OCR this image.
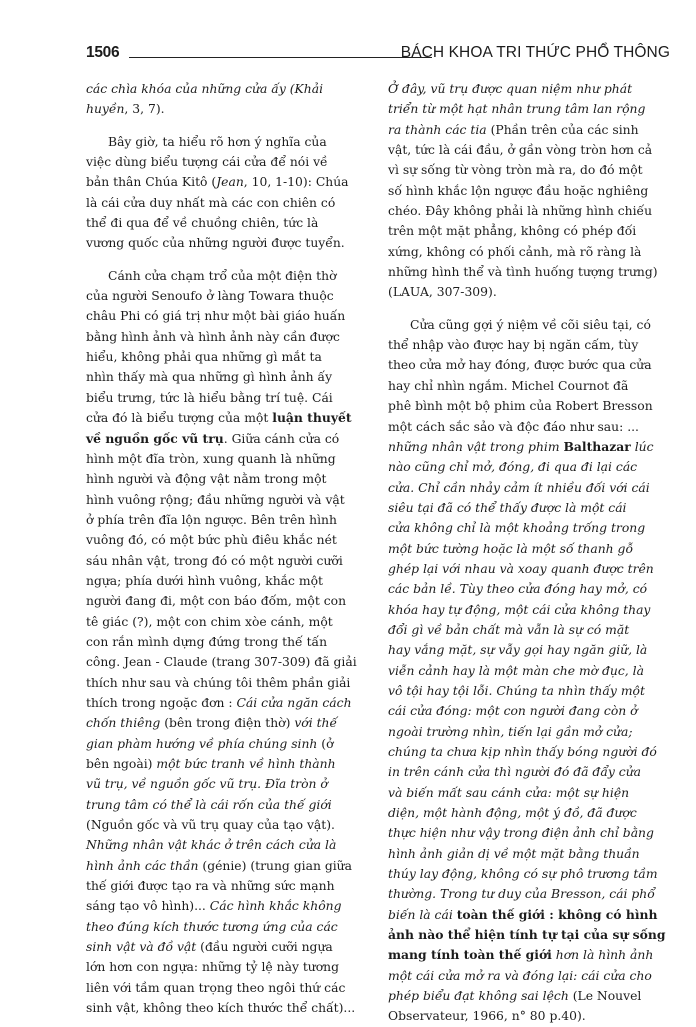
1506	BÁCH KHOA TRI THỨC PHỔ THÔNG
các chìa khóa của những cửa ấy (Khải
huyền, 3, 7).
Bây giờ, ta hiểu rõ hơn ý nghĩa của
việc dùng biểu tượng cái cửa để nói về
bản thân Chúa Kitô (Jean, 10, 1-10): Chúa
là cái cửa duy nhất mà các con chiên có
thể đi qua để về chuồng chiên, tức là
vương quốc của những người được tuyển.
Cánh cửa chạm trổ của một điện thờ
của người Senoufo ở làng Towara thuộc
châu Phi có giá trị như một bài giáo huấn
bằng hình ảnh và hình ảnh này cần được
hiểu, không phải qua những gì mắt ta
nhìn thấy mà qua những gì hình ảnh ấy
biểu trưng, tức là hiểu bằng trí tuệ. Cái
cửa đó là biểu tượng của một luận thuyết
về nguồn gốc vũ trụ. Giữa cánh cửa có
hình một đĩa tròn, xung quanh là những
hình người và động vật nằm trong một
hình vuông rộng; đầu những người và vật
ở phía trên đĩa lộn ngược. Bên trên hình
vuông đó, có một bức phù điêu khắc nét
sáu nhân vật, trong đó có một người cưỡi
ngựa; phía dưới hình vuông, khắc một
người đang đi, một con báo đốm, một con
tê giác (?), một con chim xòe cánh, một
con rắn mình dựng đứng trong thế tấn
công. Jean - Claude (trang 307-309) đã giải
thích như sau và chúng tôi thêm phần giải
thích trong ngoặc đơn : Cái cửa ngăn cách
chốn thiêng (bên trong điện thờ) với thế
gian phàm hướng về phía chúng sinh (ở
bên ngoài) một bức tranh về hình thành
vũ trụ, về nguồn gốc vũ trụ. Đĩa tròn ở
trung tâm có thể là cái rốn của thế giới
(Nguồn gốc và vũ trụ quay của tạo vật).
Những nhân vật khác ở trên cách cửa là
hình ảnh các thần (génie) (trung gian giữa
thế giới được tạo ra và những sức mạnh
sáng tạo vô hình)... Các hình khắc không
theo đúng kích thước tương ứng của các
sinh vật và đồ vật (đầu người cưỡi ngựa
lớn hơn con ngựa: những tỷ lệ này tương
liên với tầm quan trọng theo ngôi thứ các
sinh vật, không theo kích thước thể chất)...
Ở đây, vũ trụ được quan niệm như phát
triển từ một hạt nhân trung tâm lan rộng
ra thành các tia (Phần trên của các sinh
vật, tức là cái đầu, ở gần vòng tròn hơn cả
vì sự sống từ vòng tròn mà ra, do đó một
số hình khắc lộn ngược đầu hoặc nghiêng
chéo. Đây không phải là những hình chiếu
trên một mặt phẳng, không có phép đối
xứng, không có phối cảnh, mà rõ ràng là
những hình thể và tình huống tượng trưng)
(LAUA, 307-309).
Cửa cũng gợi ý niệm về cõi siêu tại, có
thể nhập vào được hay bị ngăn cấm, tùy
theo cửa mở hay đóng, được bước qua cửa
hay chỉ nhìn ngắm. Michel Cournot đã
phê bình một bộ phim của Robert Bresson
một cách sắc sảo và độc đáo như sau: ...
những nhân vật trong phim Balthazar lúc
nào cũng chỉ mở, đóng, đi qua đi lại các
cửa. Chỉ cần nhảy cảm ít nhiều đối với cái
siêu tại đã có thể thấy được là một cái
cửa không chỉ là một khoảng trống trong
một bức tường hoặc là một số thanh gỗ
ghép lại với nhau và xoay quanh được trên
các bản lề. Tùy theo cửa đóng hay mở, có
khóa hay tự động, một cái cửa không thay
đổi gì về bản chất mà vẫn là sự có mặt
hay vắng mặt, sự vẫy gọi hay ngăn giữ, là
viễn cảnh hay là một màn che mờ đục, là
vô tội hay tội lỗi. Chúng ta nhìn thấy một
cái cửa đóng: một con người đang còn ở
ngoài trường nhìn, tiến lại gần mở cửa;
chúng ta chưa kịp nhìn thấy bóng người đó
in trên cánh cửa thì người đó đã đẩy cửa
và biến mất sau cánh cửa: một sự hiện
diện, một hành động, một ý đồ, đã được
thực hiện như vậy trong điện ảnh chỉ bằng
hình ảnh giản dị về một mặt bằng thuần
thúy lay động, không có sự phô trương tầm
thường. Trong tư duy của Bresson, cái phổ
biến là cái toàn thế giới : không có hình
ảnh nào thể hiện tính tự tại của sự sống
mang tính toàn thế giới hơn là hình ảnh
một cái cửa mở ra và đóng lại: cái cửa cho
phép biểu đạt không sai lệch (Le Nouvel
Observateur, 1966, n° 80 p.40).
